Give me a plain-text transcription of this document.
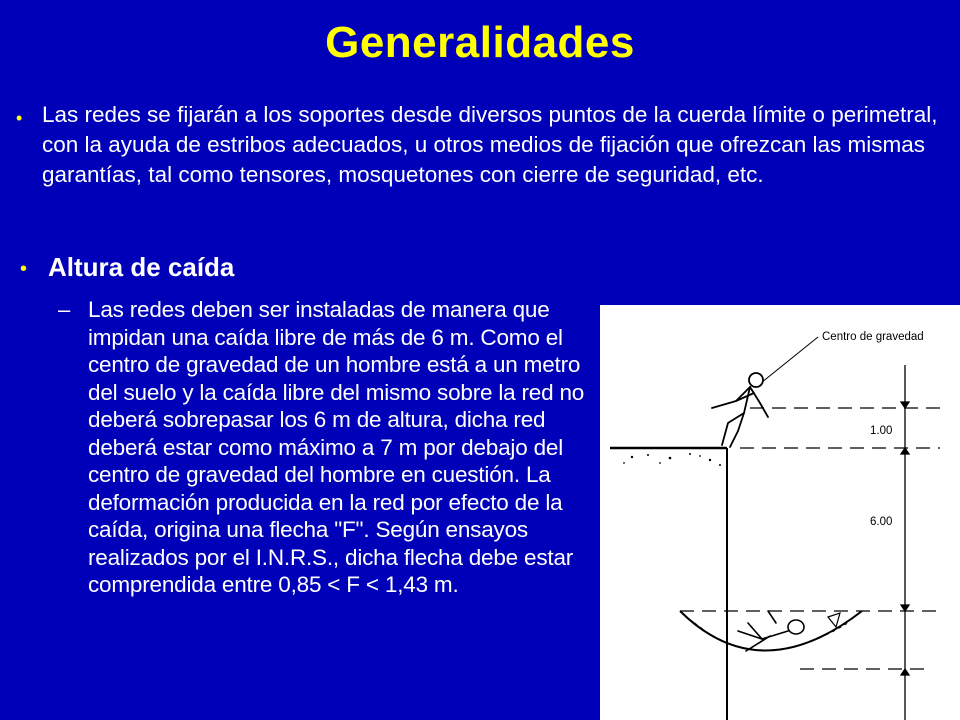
Generalidades
• Las redes se fijarán a los soportes desde diversos puntos de la cuerda límite o perimetral, con la ayuda de estribos adecuados, u otros medios de fijación que ofrezcan las mismas garantías, tal como tensores, mosquetones con cierre de seguridad, etc.
• Altura de caída
– Las redes deben ser instaladas de manera que impidan una caída libre de más de 6 m. Como el centro de gravedad de un hombre está a un metro del suelo y la caída libre del mismo sobre la red no deberá sobrepasar los 6 m de altura, dicha red deberá estar como máximo a 7 m por debajo del centro de gravedad del hombre en cuestión. La deformación producida en la red por efecto de la caída, origina una flecha "F". Según ensayos realizados por el I.N.R.S., dicha flecha debe estar comprendida entre 0,85 < F < 1,43 m.
Centro de gravedad
1.00
6.00
